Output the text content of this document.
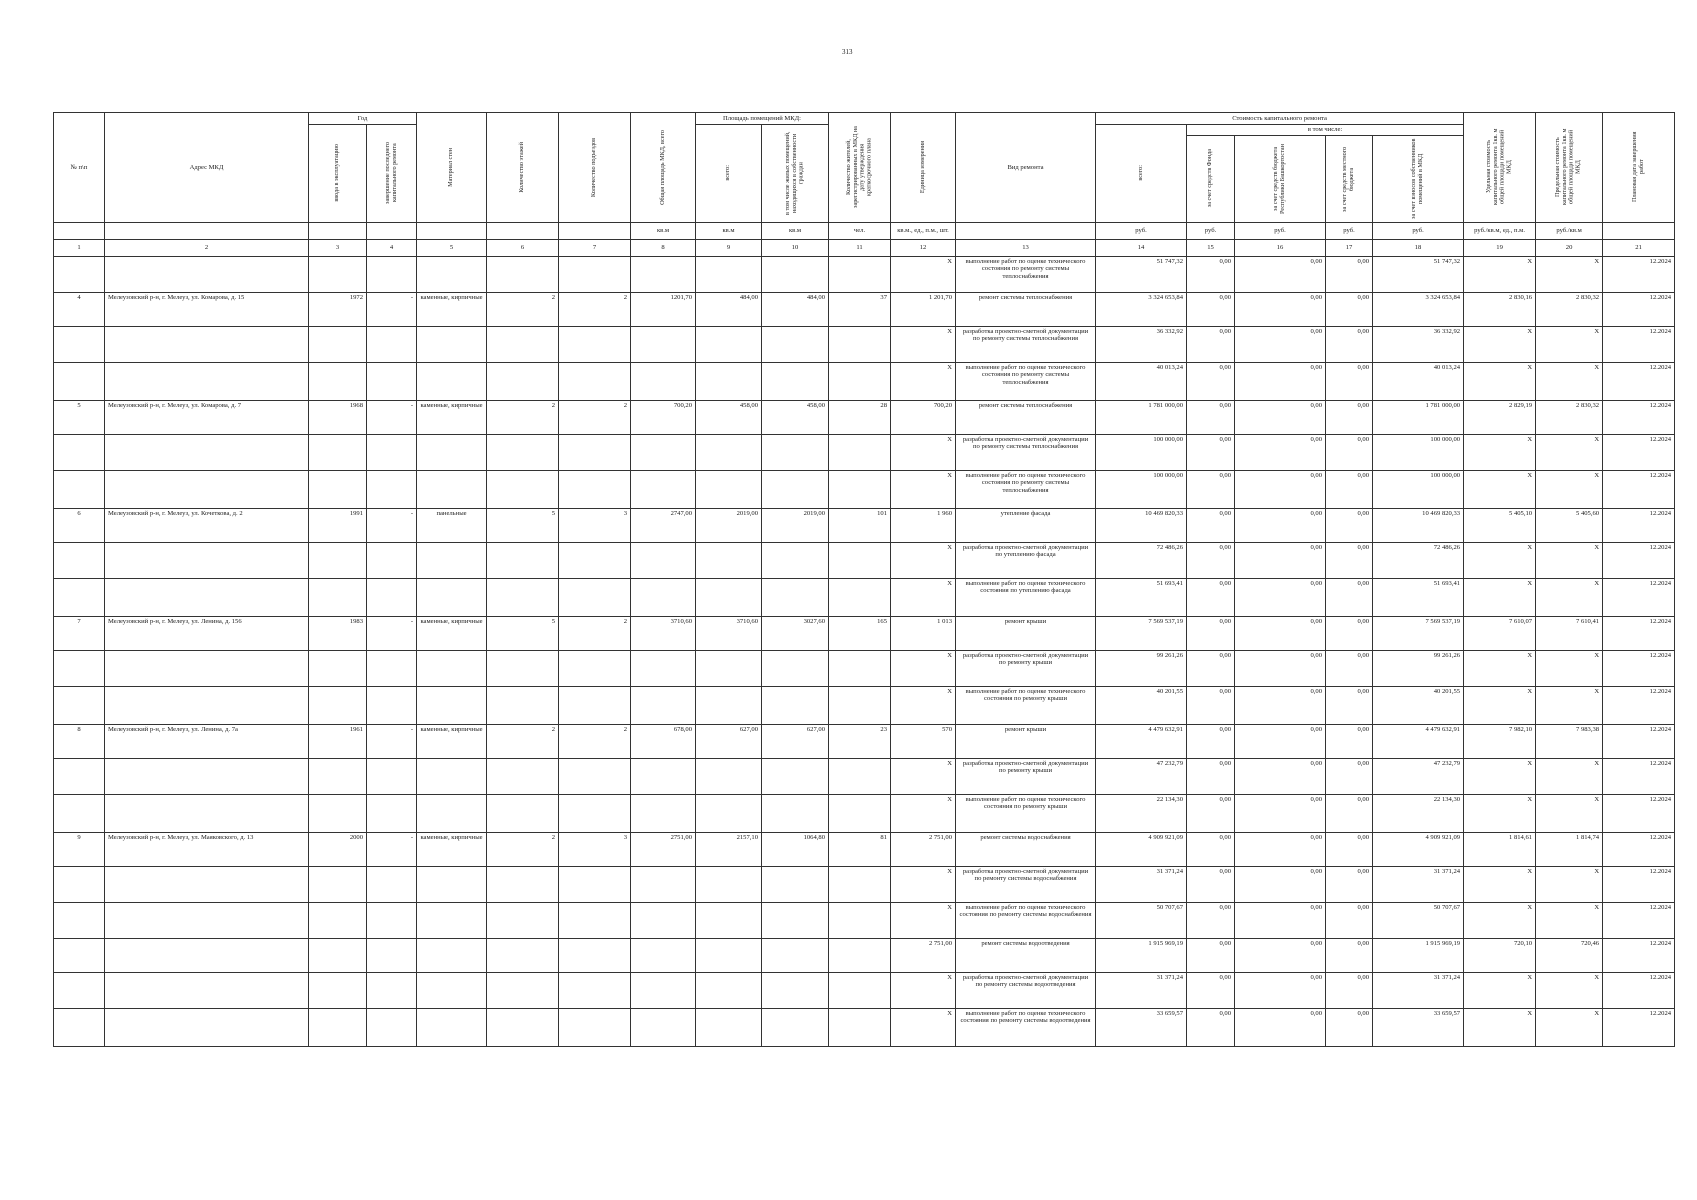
313
№ п\п	Адрес МКД	Год		Материал стен	Количество этажей	Количество подъездов	Общая площадь МКД, всего	Площадь помещений МКД:		Количество жителей, зарегистрированных в МКД на дату утверждения краткосрочного плана	Единица измерения	Вид ремонта	Стоимость капитального ремонта					Удельная стоимость капитального ремонта 1кв. м общей площади помещений МКД	Предельная стоимость капитального ремонта 1кв. м общей площади помещений МКД	Плановая дата завершения работ

		ввода в эксплуатацию	завершение последнего капитального ремонта					всего:	в том числе жилых помещений, находящихся в собственности граждан				всего:	в том числе:						

														за счет средств Фонда	за счет средств бюджета Республики Башкортостан	за счет средств местного бюджета	за счет взносов собственников помещений в МКД			

							кв.м	кв.м	кв.м	чел.	кв.м., ед., п.м., шт.		руб.	руб.	руб.	руб.	руб.	руб./кв.м, ед., п.м.	руб./кв.м	
1	2	3	4	5	6	7	8	9	10	11	12	13	14	15	16	17	18	19	20	21
											X	выполнение работ по оценке технического состояния по ремонту системы теплоснабжения	51 747,32	0,00	0,00	0,00	51 747,32	X	X	12.2024
4	Мелеузовский р-н, г. Мелеуз, ул. Комарова, д. 15	1972	-	каменные, кирпичные	2	2	1201,70	484,00	484,00	37	1 201,70	ремонт системы теплоснабжения	3 324 653,84	0,00	0,00	0,00	3 324 653,84	2 830,16	2 830,32	12.2024
											X	разработка проектно-сметной документации по ремонту системы теплоснабжения	36 332,92	0,00	0,00	0,00	36 332,92	X	X	12.2024
											X	выполнение работ по оценке технического состояния по ремонту системы теплоснабжения	40 013,24	0,00	0,00	0,00	40 013,24	X	X	12.2024
5	Мелеузовский р-н, г. Мелеуз, ул. Комарова, д. 7	1968	-	каменные, кирпичные	2	2	700,20	458,00	458,00	28	700,20	ремонт системы теплоснабжения	1 781 000,00	0,00	0,00	0,00	1 781 000,00	2 829,19	2 830,32	12.2024
											X	разработка проектно-сметной документации по ремонту системы теплоснабжения	100 000,00	0,00	0,00	0,00	100 000,00	X	X	12.2024
											X	выполнение работ по оценке технического состояния по ремонту системы теплоснабжения	100 000,00	0,00	0,00	0,00	100 000,00	X	X	12.2024
6	Мелеузовский р-н, г. Мелеуз, ул. Кочеткова, д. 2	1991	-	панельные	5	3	2747,00	2019,00	2019,00	101	1 960	утепление фасада	10 469 820,33	0,00	0,00	0,00	10 469 820,33	5 405,10	5 405,60	12.2024
											X	разработка проектно-сметной документации по утеплению фасада	72 486,26	0,00	0,00	0,00	72 486,26	X	X	12.2024
											X	выполнение работ по оценке технического состояния по утеплению фасада	51 693,41	0,00	0,00	0,00	51 693,41	X	X	12.2024
7	Мелеузовский р-н, г. Мелеуз, ул. Ленина, д. 156	1983	-	каменные, кирпичные	5	2	3710,60	3710,60	3027,60	165	1 013	ремонт крыши	7 569 537,19	0,00	0,00	0,00	7 569 537,19	7 610,07	7 610,41	12.2024
											X	разработка проектно-сметной документации по ремонту крыши	99 261,26	0,00	0,00	0,00	99 261,26	X	X	12.2024
											X	выполнение работ по оценке технического состояния по ремонту крыши	40 201,55	0,00	0,00	0,00	40 201,55	X	X	12.2024
8	Мелеузовский р-н, г. Мелеуз, ул. Ленина, д. 7а	1961	-	каменные, кирпичные	2	2	678,00	627,00	627,00	23	570	ремонт крыши	4 479 632,91	0,00	0,00	0,00	4 479 632,91	7 982,10	7 983,38	12.2024
											X	разработка проектно-сметной документации по ремонту крыши	47 232,79	0,00	0,00	0,00	47 232,79	X	X	12.2024
											X	выполнение работ по оценке технического состояния по ремонту крыши	22 134,30	0,00	0,00	0,00	22 134,30	X	X	12.2024
9	Мелеузовский р-н, г. Мелеуз, ул. Маяковского, д. 13	2000	-	каменные, кирпичные	2	3	2751,00	2157,10	1064,80	81	2 751,00	ремонт системы водоснабжения	4 909 921,09	0,00	0,00	0,00	4 909 921,09	1 814,61	1 814,74	12.2024
											X	разработка проектно-сметной документации по ремонту системы водоснабжения	31 371,24	0,00	0,00	0,00	31 371,24	X	X	12.2024
											X	выполнение работ по оценке технического состояния по ремонту системы водоснабжения	50 707,67	0,00	0,00	0,00	50 707,67	X	X	12.2024
											2 751,00	ремонт системы водоотведения	1 915 969,19	0,00	0,00	0,00	1 915 969,19	720,10	720,46	12.2024
											X	разработка проектно-сметной документации по ремонту системы водоотведения	31 371,24	0,00	0,00	0,00	31 371,24	X	X	12.2024
											X	выполнение работ по оценке технического состояния по ремонту системы водоотведения	33 659,57	0,00	0,00	0,00	33 659,57	X	X	12.2024
